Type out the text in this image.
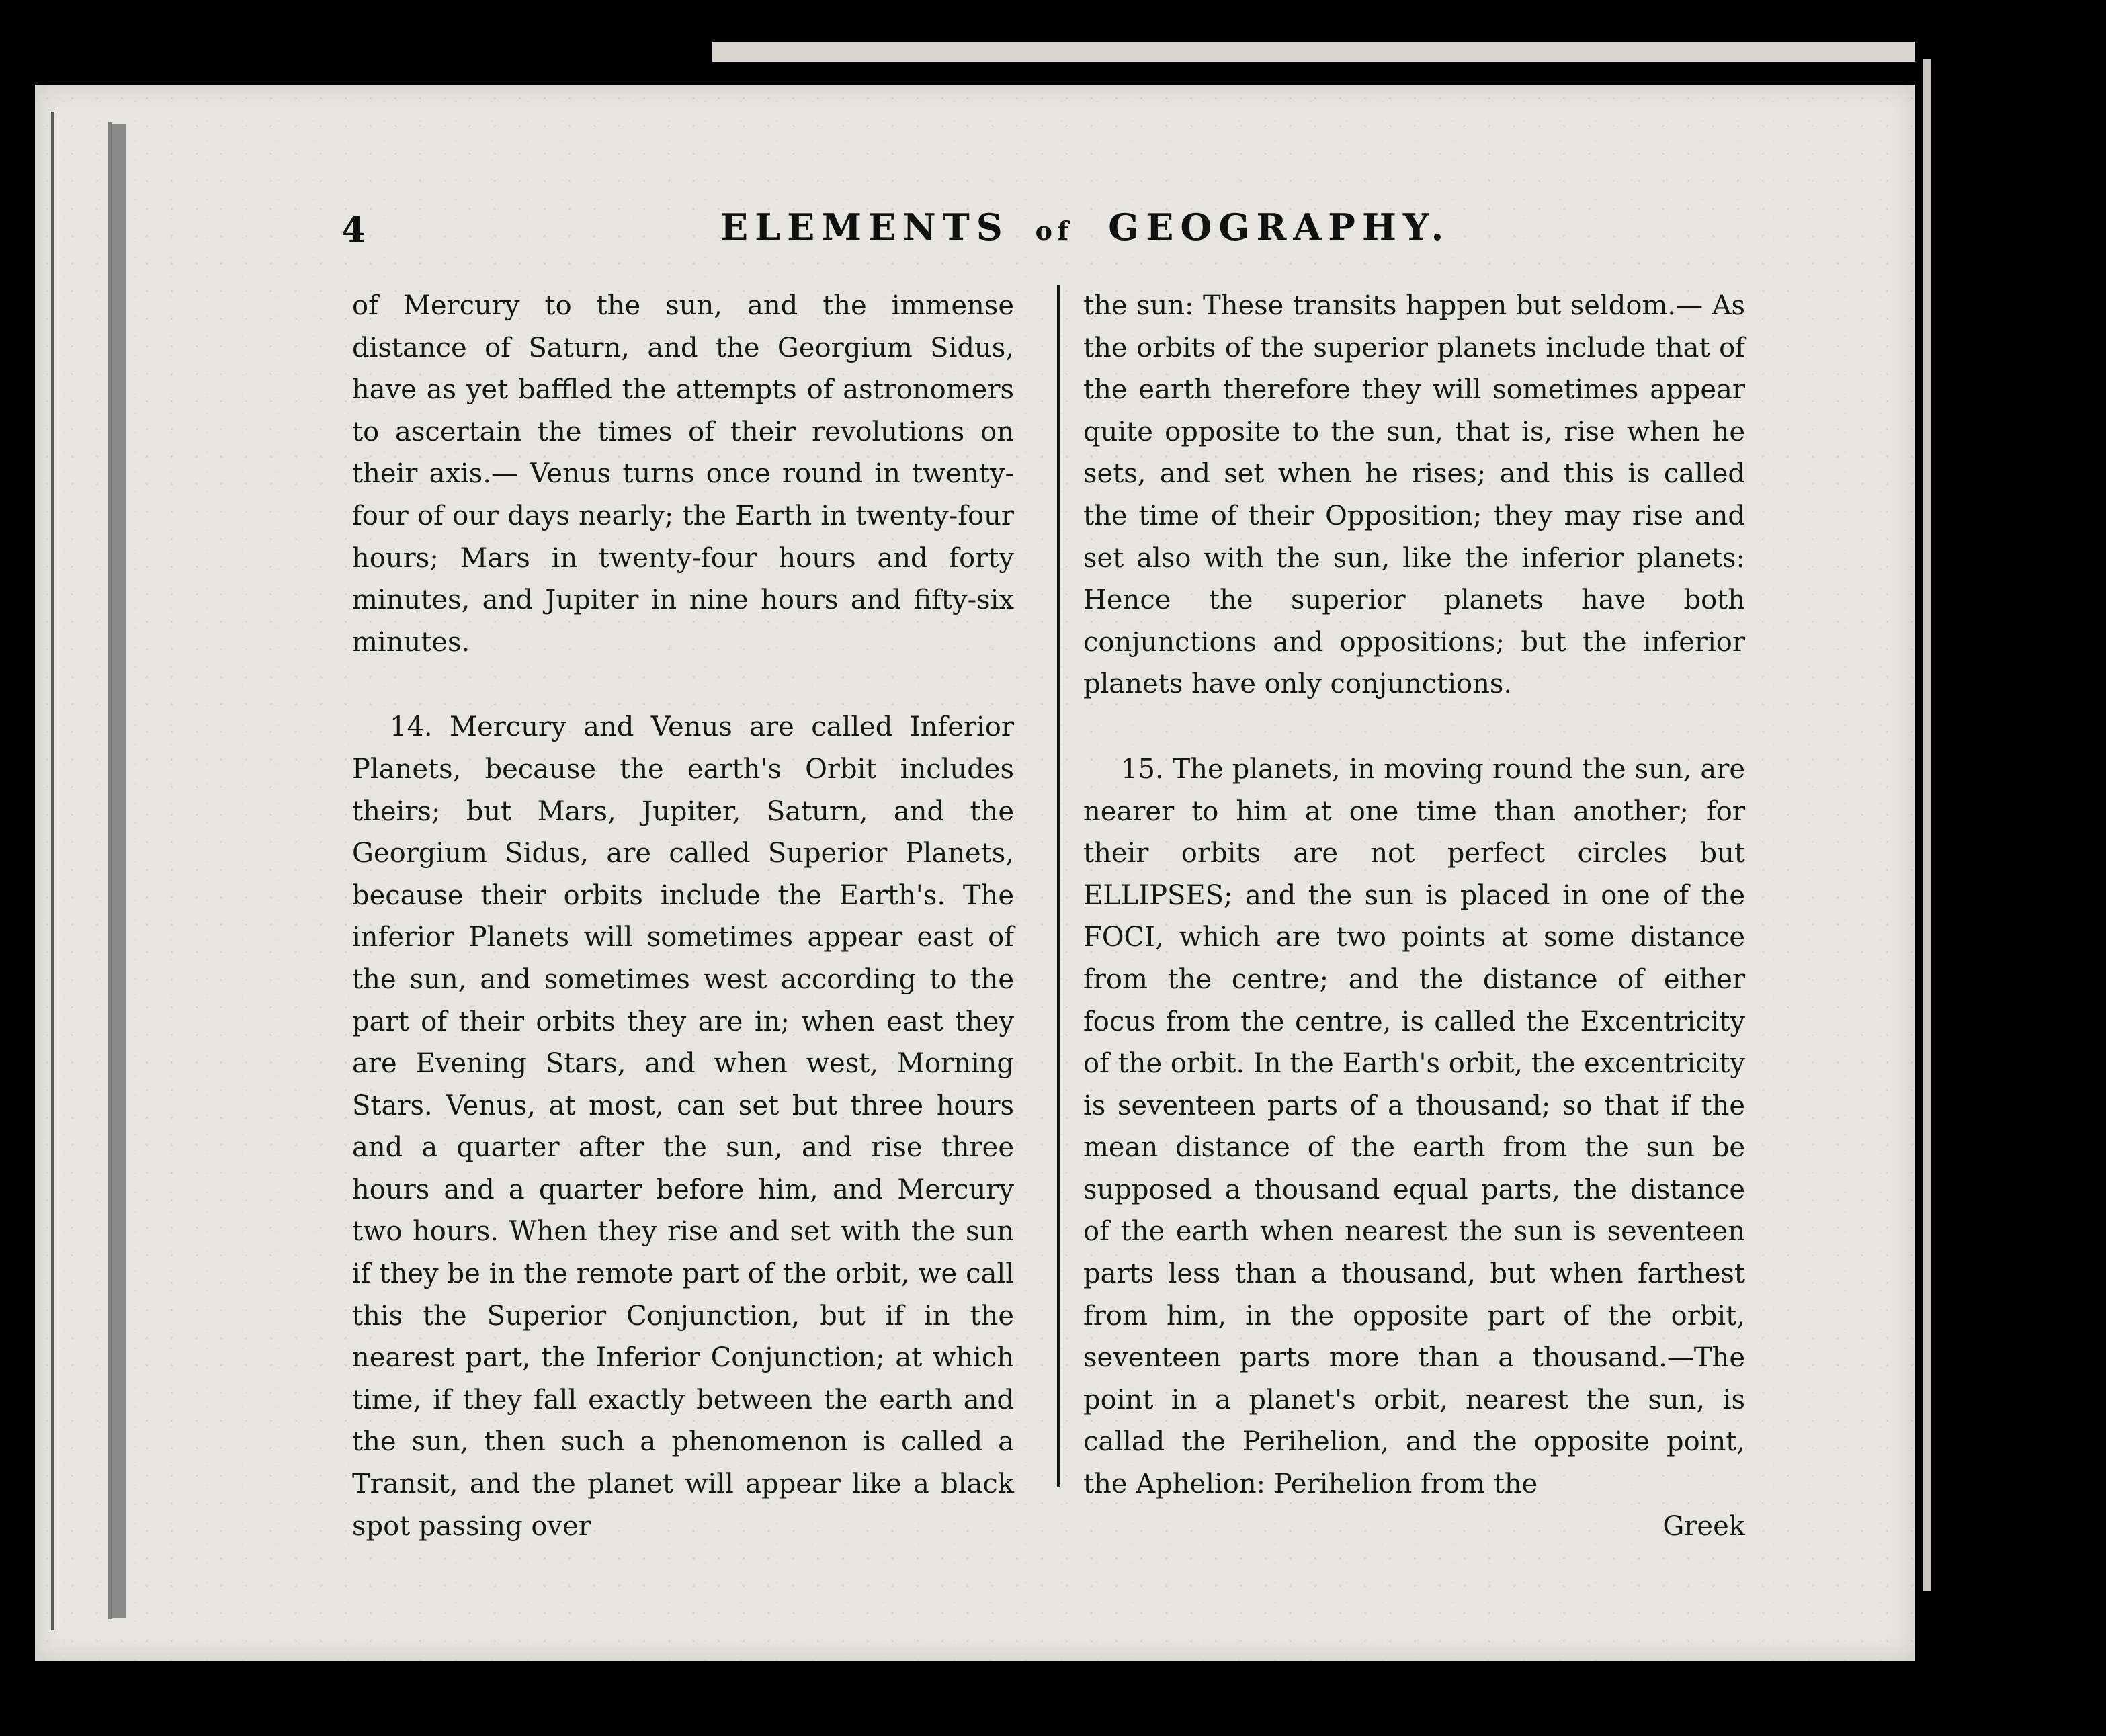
4	ELEMENTS of GEOGRAPHY.

of Mercury to the sun, and the immense distance of Saturn, and the Georgium Sidus, have as yet baffled the attempts of astronomers to ascertain the times of their revolutions on their axis.— Venus turns once round in twenty-four of our days nearly; the Earth in twenty-four hours; Mars in twenty-four hours and forty minutes, and Jupiter in nine hours and fifty-six minutes.

14. Mercury and Venus are called Inferior Planets, because the earth's Orbit includes theirs; but Mars, Jupiter, Saturn, and the Georgium Sidus, are called Superior Planets, because their orbits include the Earth's. The inferior Planets will sometimes appear east of the sun, and sometimes west according to the part of their orbits they are in; when east they are Evening Stars, and when west, Morning Stars. Venus, at most, can set but three hours and a quarter after the sun, and rise three hours and a quarter before him, and Mercury two hours. When they rise and set with the sun if they be in the remote part of the orbit, we call this the Superior Conjunction, but if in the nearest part, the Inferior Conjunction; at which time, if they fall exactly between the earth and the sun, then such a phenomenon is called a Transit, and the planet will appear like a black spot passing over

the sun: These transits happen but seldom.— As the orbits of the superior planets include that of the earth therefore they will sometimes appear quite opposite to the sun, that is, rise when he sets, and set when he rises; and this is called the time of their Opposition; they may rise and set also with the sun, like the inferior planets: Hence the superior planets have both conjunctions and oppositions; but the inferior planets have only conjunctions.

15. The planets, in moving round the sun, are nearer to him at one time than another; for their orbits are not perfect circles but ELLIPSES; and the sun is placed in one of the FOCI, which are two points at some distance from the centre; and the distance of either focus from the centre, is called the Excentricity of the orbit. In the Earth's orbit, the excentricity is seventeen parts of a thousand; so that if the mean distance of the earth from the sun be supposed a thousand equal parts, the distance of the earth when nearest the sun is seventeen parts less than a thousand, but when farthest from him, in the opposite part of the orbit, seventeen parts more than a thousand.—The point in a planet's orbit, nearest the sun, is callad the Perihelion, and the opposite point, the Aphelion: Perihelion from the

Greek
